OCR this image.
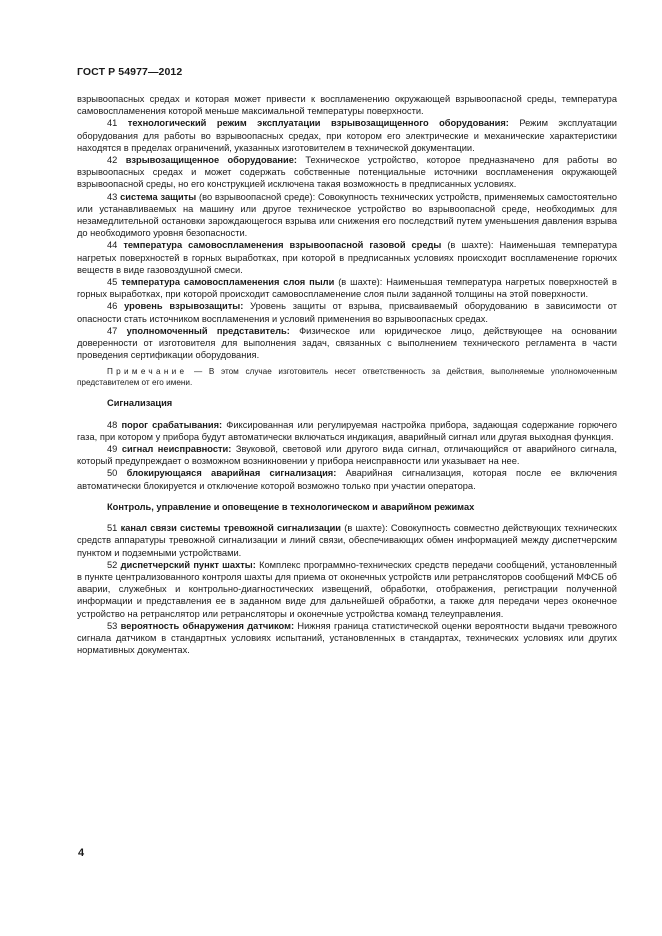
ГОСТ Р 54977—2012

взрывоопасных средах и которая может привести к воспламенению окружающей взрывоопасной среды, температура самовоспламенения которой меньше максимальной температуры поверхности.

41 технологический режим эксплуатации взрывозащищенного оборудования: Режим эксплуатации оборудования для работы во взрывоопасных средах, при котором его электрические и механические характеристики находятся в пределах ограничений, указанных изготовителем в технической документации.

42 взрывозащищенное оборудование: Техническое устройство, которое предназначено для работы во взрывоопасных средах и может содержать собственные потенциальные источники воспламенения окружающей взрывоопасной среды, но его конструкцией исключена такая возможность в предписанных условиях.

43 система защиты (во взрывоопасной среде): Совокупность технических устройств, применяемых самостоятельно или устанавливаемых на машину или другое техническое устройство во взрывоопасной среде, необходимых для незамедлительной остановки зарождающегося взрыва или снижения его последствий путем уменьшения давления взрыва до необходимого уровня безопасности.

44 температура самовоспламенения взрывоопасной газовой среды (в шахте): Наименьшая температура нагретых поверхностей в горных выработках, при которой в предписанных условиях происходит воспламенение горючих веществ в виде газовоздушной смеси.

45 температура самовоспламенения слоя пыли (в шахте): Наименьшая температура нагретых поверхностей в горных выработках, при которой происходит самовоспламенение слоя пыли заданной толщины на этой поверхности.

46 уровень взрывозащиты: Уровень защиты от взрыва, присваиваемый оборудованию в зависимости от опасности стать источником воспламенения и условий применения во взрывоопасных средах.

47 уполномоченный представитель: Физическое или юридическое лицо, действующее на основании доверенности от изготовителя для выполнения задач, связанных с выполнением технического регламента в части проведения сертификации оборудования.

Примечание — В этом случае изготовитель несет ответственность за действия, выполняемые уполномоченным представителем от его имени.

Сигнализация

48 порог срабатывания: Фиксированная или регулируемая настройка прибора, задающая содержание горючего газа, при котором у прибора будут автоматически включаться индикация, аварийный сигнал или другая выходная функция.

49 сигнал неисправности: Звуковой, световой или другого вида сигнал, отличающийся от аварийного сигнала, который предупреждает о возможном возникновении у прибора неисправности или указывает на нее.

50 блокирующаяся аварийная сигнализация: Аварийная сигнализация, которая после ее включения автоматически блокируется и отключение которой возможно только при участии оператора.

Контроль, управление и оповещение в технологическом и аварийном режимах

51 канал связи системы тревожной сигнализации (в шахте): Совокупность совместно действующих технических средств аппаратуры тревожной сигнализации и линий связи, обеспечивающих обмен информацией между диспетчерским пунктом и подземными устройствами.

52 диспетчерский пункт шахты: Комплекс программно-технических средств передачи сообщений, установленный в пункте централизованного контроля шахты для приема от оконечных устройств или ретрансляторов сообщений МФСБ об аварии, служебных и контрольно-диагностических извещений, обработки, отображения, регистрации полученной информации и представления ее в заданном виде для дальнейшей обработки, а также для передачи через оконечное устройство на ретранслятор или ретрансляторы и оконечные устройства команд телеуправления.

53 вероятность обнаружения датчиком: Нижняя граница статистической оценки вероятности выдачи тревожного сигнала датчиком в стандартных условиях испытаний, установленных в стандартах, технических условиях или других нормативных документах.

4
